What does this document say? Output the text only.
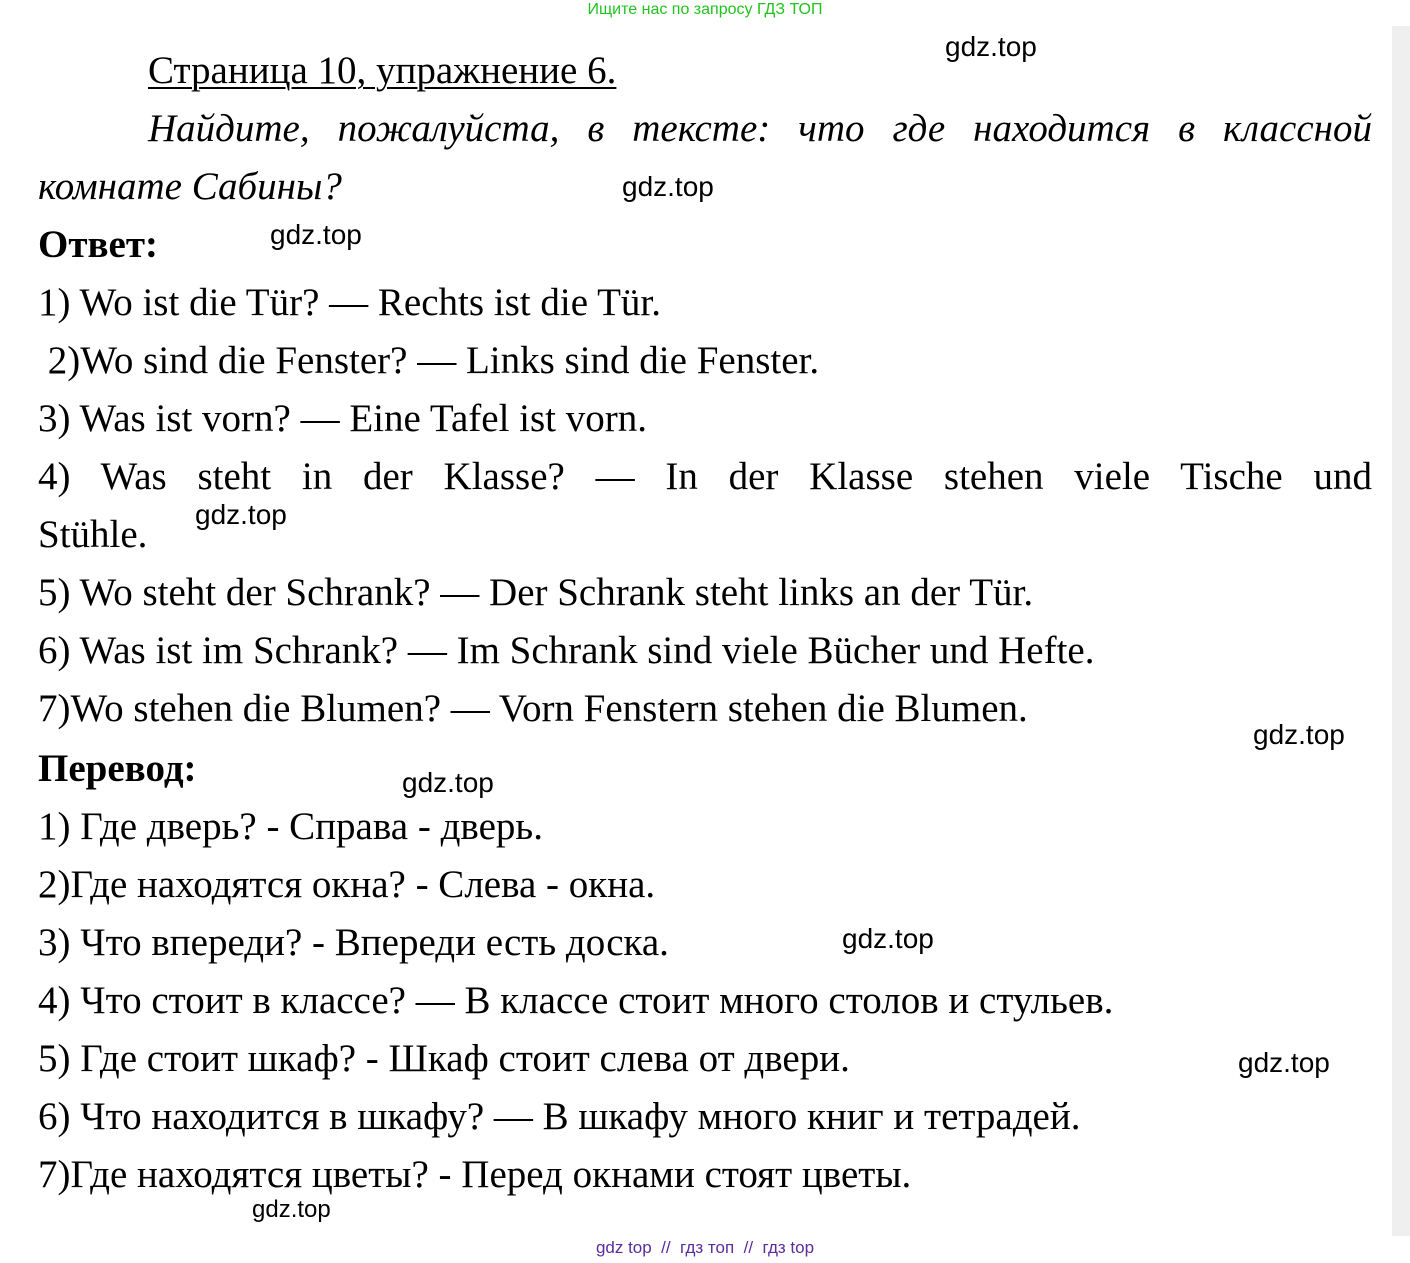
Ищите нас по запросу ГДЗ ТОП
Страница 10, упражнение 6.
Найдите, пожалуйста, в тексте: что где находится в классной
комнате Сабины?
Ответ:
1) Wo ist die Tür? — Rechts ist die Tür.
2)Wo sind die Fenster? — Links sind die Fenster.
3) Was ist vorn? — Eine Tafel ist vorn.
4) Was steht in der Klasse? — In der Klasse stehen viele Tische und
Stühle.
5) Wo steht der Schrank? — Der Schrank steht links an der Tür.
6) Was ist im Schrank? — Im Schrank sind viele Bücher und Hefte.
7)Wo stehen die Blumen? — Vorn Fenstern stehen die Blumen.
Перевод:
1) Где дверь? - Справа - дверь.
2)Где находятся окна? - Слева - окна.
3) Что впереди? - Впереди есть доска.
4) Что стоит в классе? — В классе стоит много столов и стульев.
5) Где стоит шкаф? - Шкаф стоит слева от двери.
6) Что находится в шкафу? — В шкафу много книг и тетрадей.
7)Где находятся цветы? - Перед окнами стоят цветы.
gdz.top
gdz.top
gdz.top
gdz.top
gdz.top
gdz.top
gdz.top
gdz.top
gdz.top
gdz top  //  гдз топ  //  гдз top
